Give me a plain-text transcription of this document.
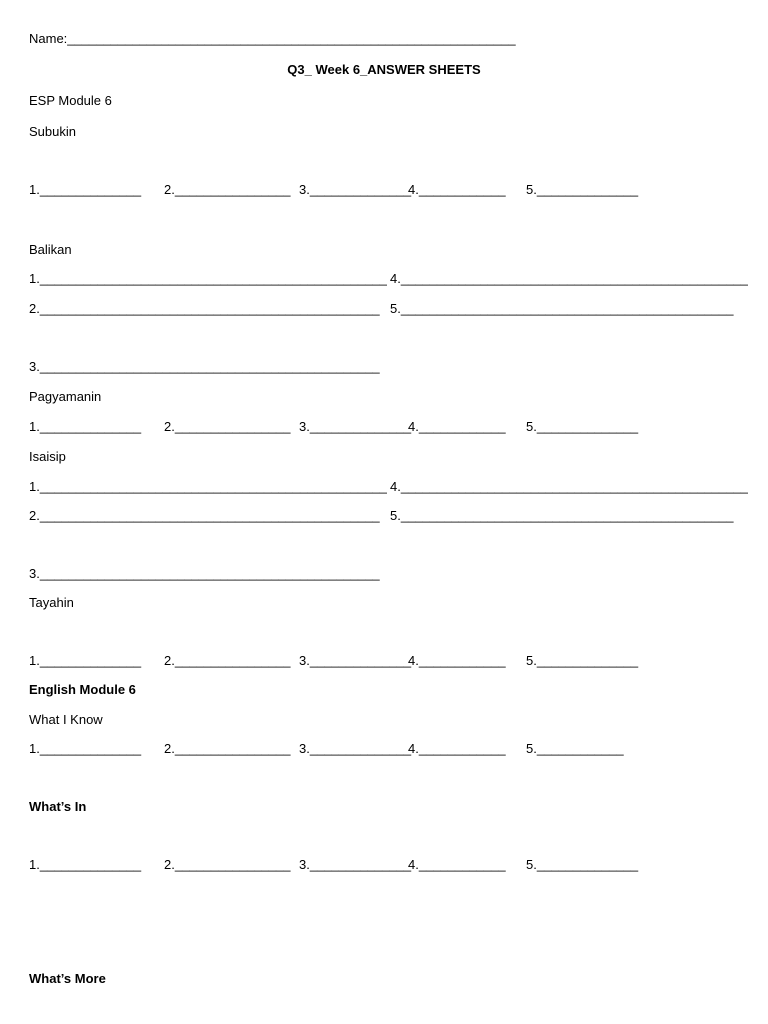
Name:______________________________________________________________
Q3_ Week 6_ANSWER SHEETS
ESP Module 6
Subukin
1.______________ 2.________________ 3.______________
4.____________ 5.______________
Balikan
1.________________________________________________ 4.________________________________________________
2._______________________________________________ 5.______________________________________________
3._______________________________________________
Pagyamanin
1.______________ 2.________________ 3.______________
4.____________ 5.______________
Isaisip
1.________________________________________________ 4.________________________________________________
2._______________________________________________ 5.______________________________________________
3._______________________________________________
Tayahin
1.______________ 2.________________ 3.______________
4.____________ 5.______________
English Module 6
What I Know
1.______________ 2.________________ 3.______________
4.____________ 5.____________
What’s In
1.______________ 2.________________ 3.______________
4.____________ 5.______________
What’s More
